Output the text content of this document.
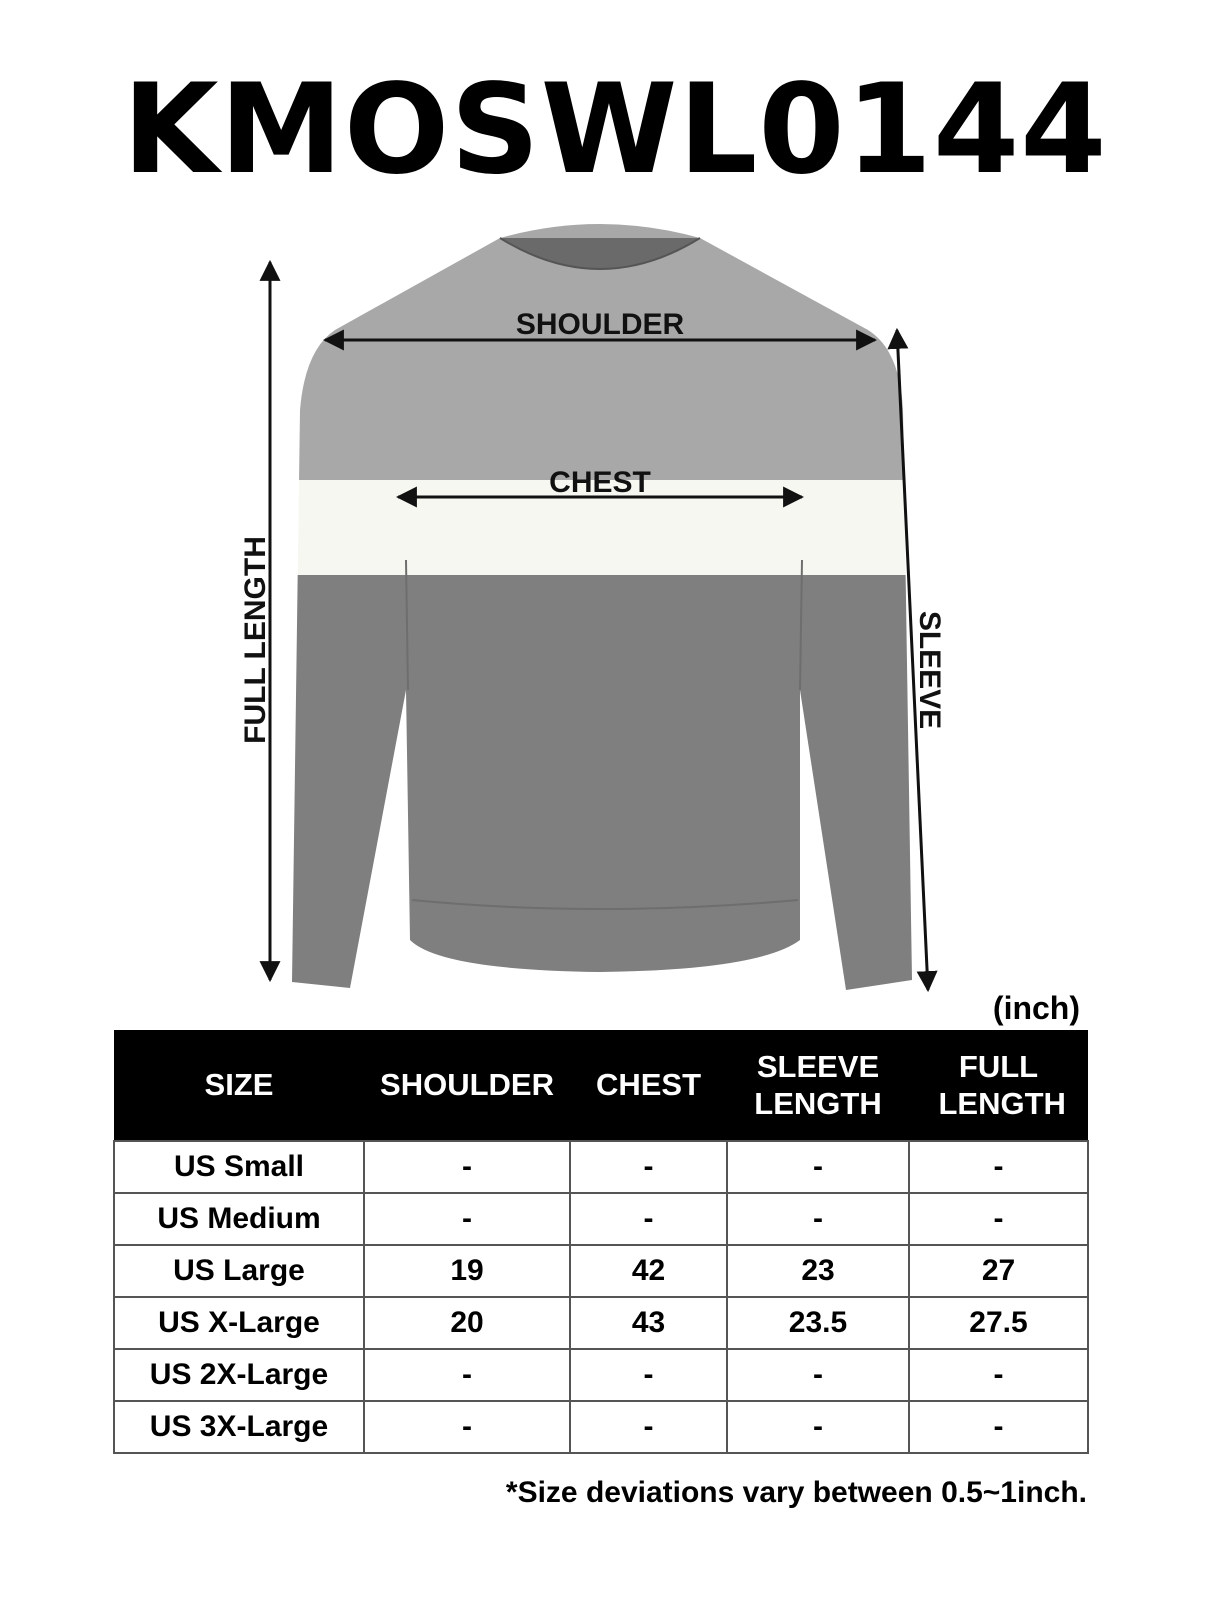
KMOSWL0144
SHOULDER
CHEST
FULL LENGTH	SLEEVE
(inch)
SIZE	SHOULDER	CHEST	SLEEVE LENGTH	FULL LENGTH
US Small	-	-	-	-
US Medium	-	-	-	-
US Large	19	42	23	27
US X-Large	20	43	23.5	27.5
US 2X-Large	-	-	-	-
US 3X-Large	-	-	-	-
*Size deviations vary between 0.5~1inch.
